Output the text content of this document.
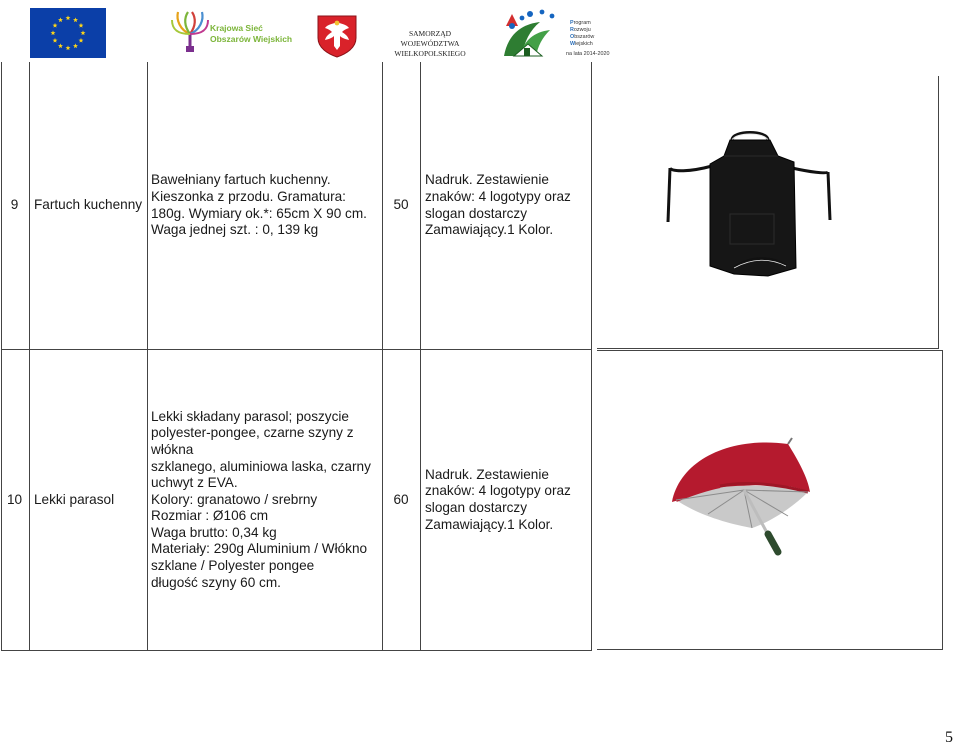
Krajowa Sieć
Obszarów Wiejskich
SAMORZĄD WOJEWÓDZTWA
WIELKOPOLSKIEGO
Program
Rozwoju
Obszarów
Wiejskich
na lata 2014-2020
9	Fartuch kuchenny
Bawełniany fartuch kuchenny. Kieszonka z przodu. Gramatura: 180g. Wymiary ok.*: 65cm X 90 cm. Waga jednej szt. : 0, 139 kg
50
Nadruk. Zestawienie znaków: 4 logotypy oraz slogan dostarczy Zamawiający.1 Kolor.
10 Lekki parasol
Lekki składany parasol; poszycie
polyester-pongee, czarne szyny z włókna
szklanego, aluminiowa laska, czarny
uchwyt z EVA.
Kolory: granatowo / srebrny
Rozmiar : Ø106 cm
Waga brutto: 0,34 kg
Materiały: 290g Aluminium / Włókno
szklane / Polyester pongee
długość szyny 60 cm.
60
Nadruk. Zestawienie znaków: 4 logotypy oraz slogan dostarczy Zamawiający.1 Kolor.
5
